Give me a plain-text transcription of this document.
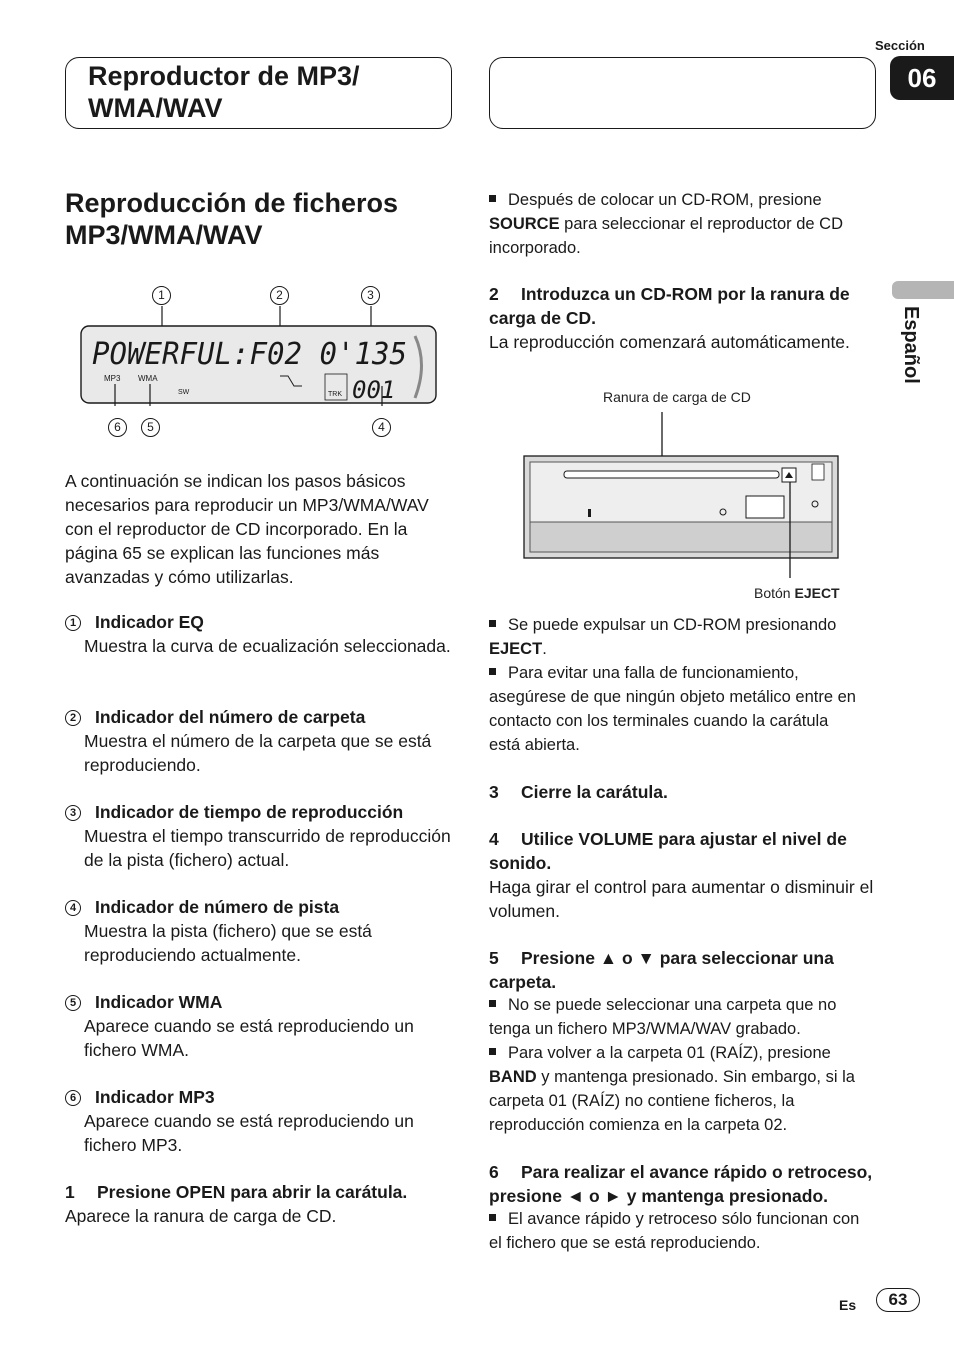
Sección
06
Reproductor de MP3/
WMA/WAV
Español
Reproducción de ficheros
MP3/WMA/WAV
1	2	3
POWERFUL:F02 0'135
MP3 WMA
SW	TRK 001
6	5	4
A continuación se indican los pasos básicos necesarios para reproducir un MP3/WMA/WAV con el reproductor de CD incorporado. En la página 65 se explican las funciones más avanzadas y cómo utilizarlas.
1 Indicador EQ
Muestra la curva de ecualización seleccionada.
2 Indicador del número de carpeta
Muestra el número de la carpeta que se está reproduciendo.
3 Indicador de tiempo de reproducción
Muestra el tiempo transcurrido de reproducción de la pista (fichero) actual.
4 Indicador de número de pista
Muestra la pista (fichero) que se está reproduciendo actualmente.
5 Indicador WMA
Aparece cuando se está reproduciendo un fichero WMA.
6 Indicador MP3
Aparece cuando se está reproduciendo un fichero MP3.
1 Presione OPEN para abrir la carátula.
Aparece la ranura de carga de CD.
Después de colocar un CD-ROM, presione SOURCE para seleccionar el reproductor de CD incorporado.
2 Introduzca un CD-ROM por la ranura de carga de CD.
La reproducción comenzará automáticamente.
Ranura de carga de CD
Botón EJECT
Se puede expulsar un CD-ROM presionando EJECT.
Para evitar una falla de funcionamiento, asegúrese de que ningún objeto metálico entre en contacto con los terminales cuando la carátula está abierta.
3 Cierre la carátula.
4 Utilice VOLUME para ajustar el nivel de sonido.
Haga girar el control para aumentar o disminuir el volumen.
5 Presione ▲ o ▼ para seleccionar una carpeta.
No se puede seleccionar una carpeta que no tenga un fichero MP3/WMA/WAV grabado.
Para volver a la carpeta 01 (RAÍZ), presione BAND y mantenga presionado. Sin embargo, si la carpeta 01 (RAÍZ) no contiene ficheros, la reproducción comienza en la carpeta 02.
6 Para realizar el avance rápido o retroceso, presione ◄ o ► y mantenga presionado.
El avance rápido y retroceso sólo funcionan con el fichero que se está reproduciendo.
Es	63
